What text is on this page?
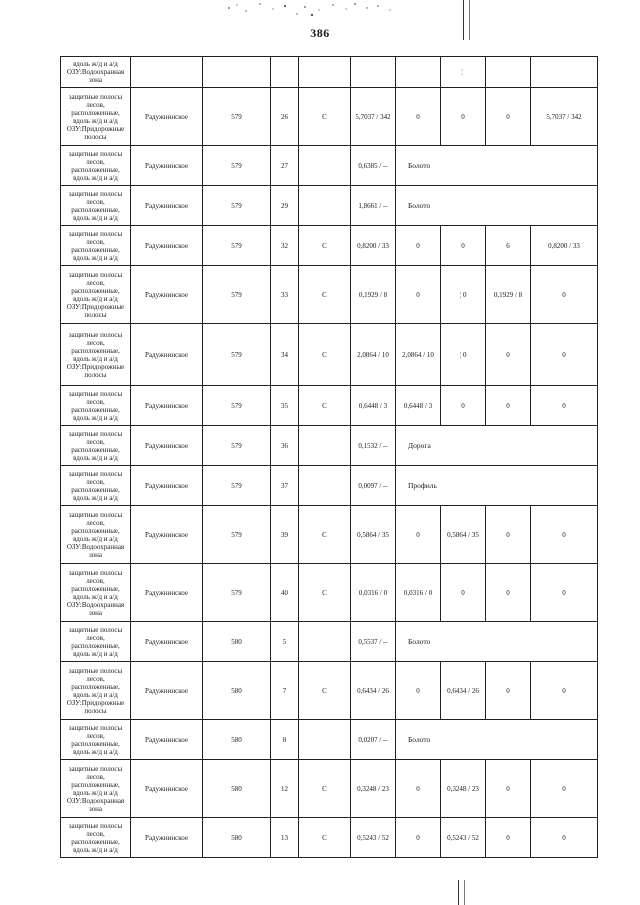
386
вдоль ж/д и а/д ОЗУ:Водоохранная зона							¦		
защитные полосы лесов, расположенные, вдоль ж/д и а/д ОЗУ:Придорожные полосы	Радужнинское	579	26	С	5,7037 / 342	0	0	0	5,7037 / 342
защитные полосы лесов, расположенные, вдоль ж/д и а/д	Радужнинское	579	27		0,6385 / --	Болото			
защитные полосы лесов, расположенные, вдоль ж/д и а/д	Радужнинское	579	29		1,8661 / --	Болото			
защитные полосы лесов, расположенные, вдоль ж/д и а/д	Радужнинское	579	32	С	0,8200 / 33	0	0	6	0,8200 / 33
защитные полосы лесов, расположенные, вдоль ж/д и а/д ОЗУ:Придорожные полосы	Радужнинское	579	33	С	0,1929 / 8	0	¦ 0	0,1929 / 8	0
защитные полосы лесов, расположенные, вдоль ж/д и а/д ОЗУ:Придорожные полосы	Радужнинское	579	34	С	2,0864 / 10	2,0864 / 10	¦ 0	0	0
защитные полосы лесов, расположенные, вдоль ж/д и а/д	Радужнинское	579	35	С	0,6448 / 3	0,6448 / 3	0	0	0
защитные полосы лесов, расположенные, вдоль ж/д и а/д	Радужнинское	579	36		0,1532 / --	Дорога			
защитные полосы лесов, расположенные, вдоль ж/д и а/д	Радужнинское	579	37		0,0097 / --	Профиль			
защитные полосы лесов, расположенные, вдоль ж/д и а/д ОЗУ:Водоохранная зона	Радужнинское	579	39	С	0,5864 / 35	0	0,5864 / 35	0	0
защитные полосы лесов, расположенные, вдоль ж/д и а/д ОЗУ:Водоохранная зона	Радужнинское	579	40	С	0,0316 / 0	0,0316 / 0	0	0	0
защитные полосы лесов, расположенные, вдоль ж/д и а/д	Радужнинское	580	5		0,5537 / --	Болото			
защитные полосы лесов, расположенные, вдоль ж/д и а/д ОЗУ:Придорожные полосы	Радужнинское	580	7	С	0,6434 / 26	0	0,6434 / 26	0	0
защитные полосы лесов, расположенные, вдоль ж/д и а/д	Радужнинское	580	8		0,0207 / --	Болото			
защитные полосы лесов, расположенные, вдоль ж/д и а/д ОЗУ:Водоохранная зона	Радужнинское	580	12	С	0,3248 / 23	0	0,3248 / 23	0	0
защитные полосы лесов, расположенные, вдоль ж/д и а/д	Радужнинское	580	13	С	0,5243 / 52	0	0,5243 / 52	0	0
